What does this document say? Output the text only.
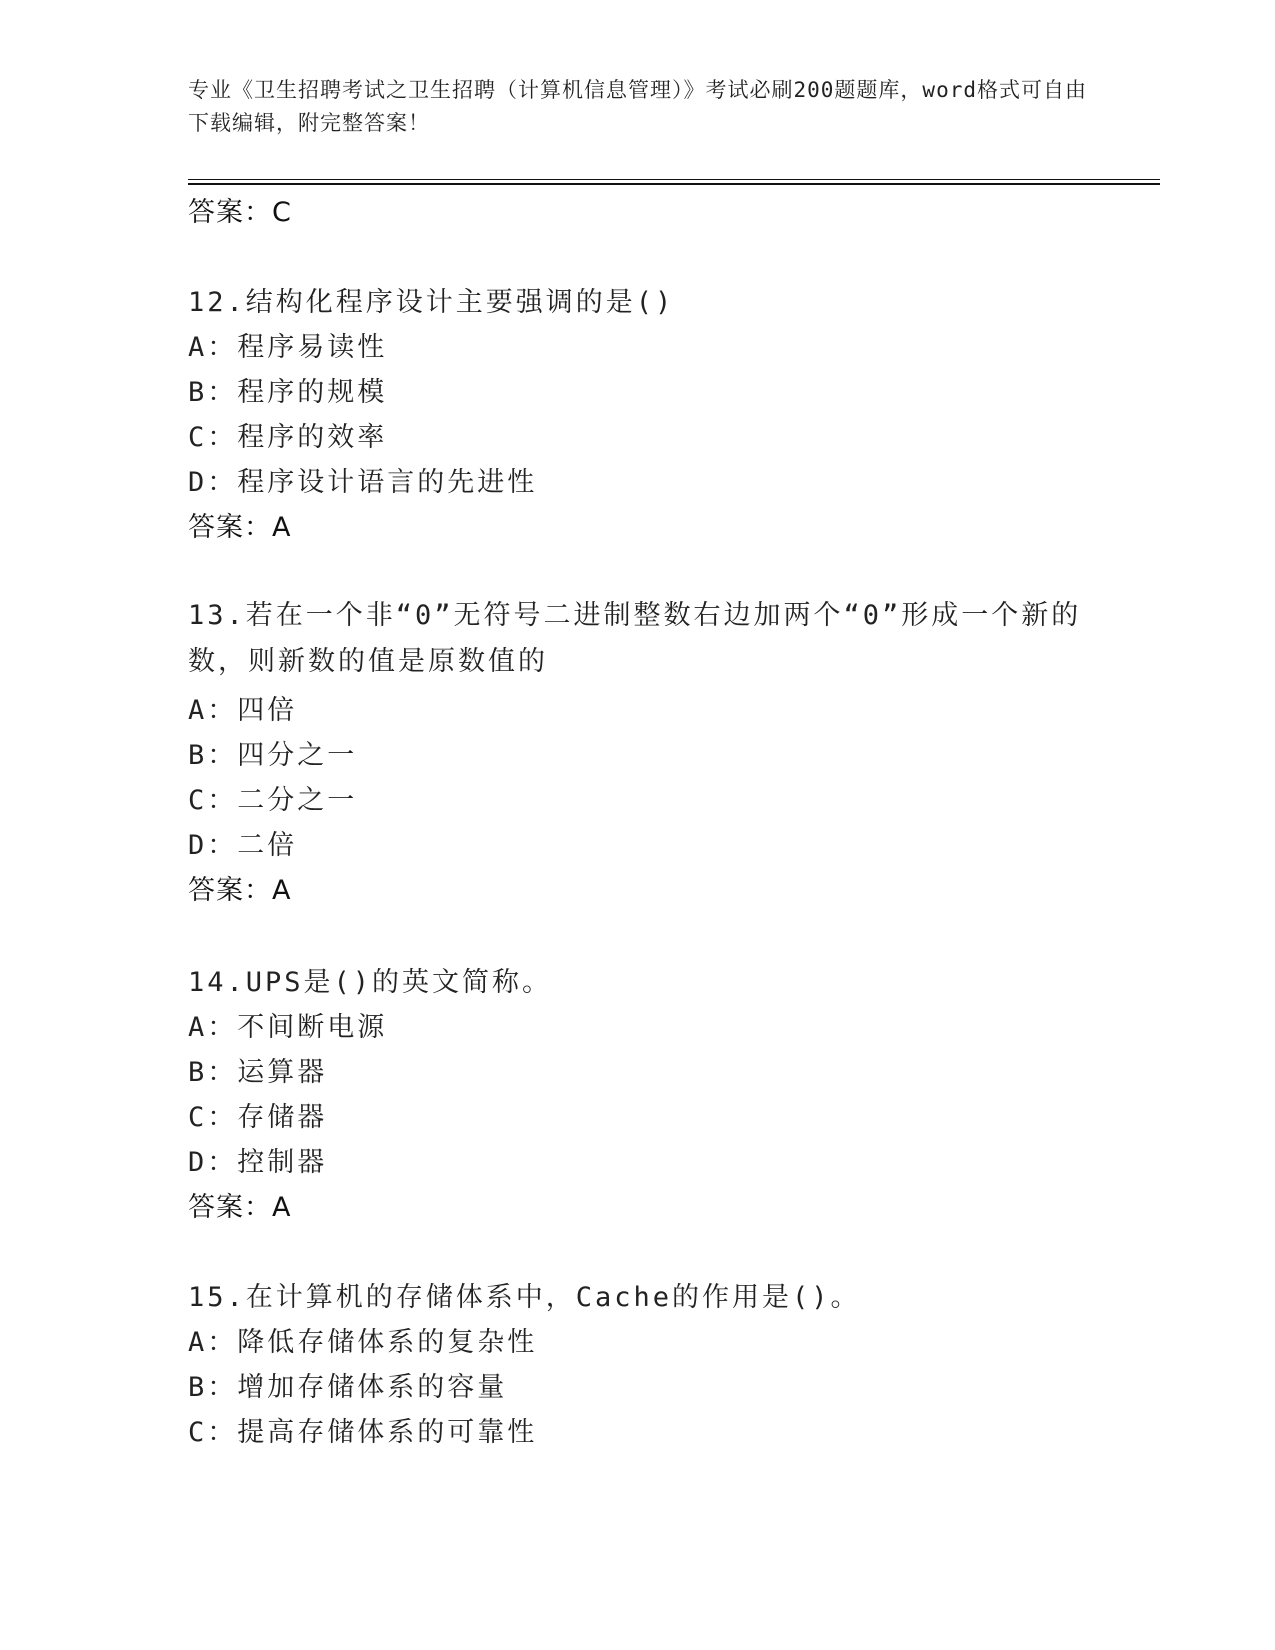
专业《卫生招聘考试之卫生招聘（计算机信息管理）》考试必刷200题题库，word格式可自由下载编辑，附完整答案！

答案：C

12.结构化程序设计主要强调的是()

A：程序易读性

B：程序的规模

C：程序的效率

D：程序设计语言的先进性

答案：A

13.若在一个非“0”无符号二进制整数右边加两个“0”形成一个新的数，则新数的值是原数值的

A：四倍

B：四分之一

C：二分之一

D：二倍

答案：A

14.UPS是()的英文简称。

A：不间断电源

B：运算器

C：存储器

D：控制器

答案：A

15.在计算机的存储体系中，Cache的作用是()。

A：降低存储体系的复杂性

B：增加存储体系的容量

C：提高存储体系的可靠性
